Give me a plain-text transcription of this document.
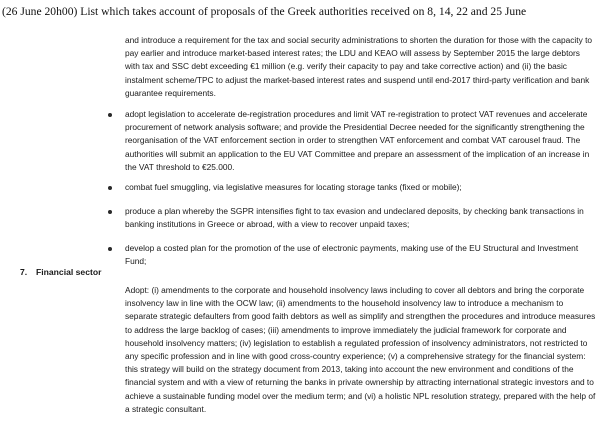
(26 June 20h00) List which takes account of proposals of the Greek authorities received on 8, 14, 22 and 25 June

and introduce a requirement for the tax and social security administrations to shorten the duration for those with the capacity to pay earlier and introduce market-based interest rates; the LDU and KEAO will assess by September 2015 the large debtors with tax and SSC debt exceeding €1 million (e.g. verify their capacity to pay and take corrective action) and (ii) the basic instalment scheme/TPC to adjust the market-based interest rates and suspend until end-2017 third-party verification and bank guarantee requirements.

adopt legislation to accelerate de-registration procedures and limit VAT re-registration to protect VAT revenues and accelerate procurement of network analysis software; and provide the Presidential Decree needed for the significantly strengthening the reorganisation of the VAT enforcement section in order to strengthen VAT enforcement and combat VAT carousel fraud. The authorities will submit an application to the EU VAT Committee and prepare an assessment of the implication of an increase in the VAT threshold to €25.000.

combat fuel smuggling, via legislative measures for locating storage tanks (fixed or mobile);

produce a plan whereby the SGPR intensifies fight to tax evasion and undeclared deposits, by checking bank transactions in banking institutions in Greece or abroad, with a view to recover unpaid taxes;

develop a costed plan for the promotion of the use of electronic payments, making use of the EU Structural and Investment Fund;

7. Financial sector

Adopt: (i) amendments to the corporate and household insolvency laws including to cover all debtors and bring the corporate insolvency law in line with the OCW law; (ii) amendments to the household insolvency law to introduce a mechanism to separate strategic defaulters from good faith debtors as well as simplify and strengthen the procedures and introduce measures to address the large backlog of cases; (iii) amendments to improve immediately the judicial framework for corporate and household insolvency matters; (iv) legislation to establish a regulated profession of insolvency administrators, not restricted to any specific profession and in line with good cross-country experience; (v) a comprehensive strategy for the financial system: this strategy will build on the strategy document from 2013, taking into account the new environment and conditions of the financial system and with a view of returning the banks in private ownership by attracting international strategic investors and to achieve a sustainable funding model over the medium term; and (vi) a holistic NPL resolution strategy, prepared with the help of a strategic consultant.
